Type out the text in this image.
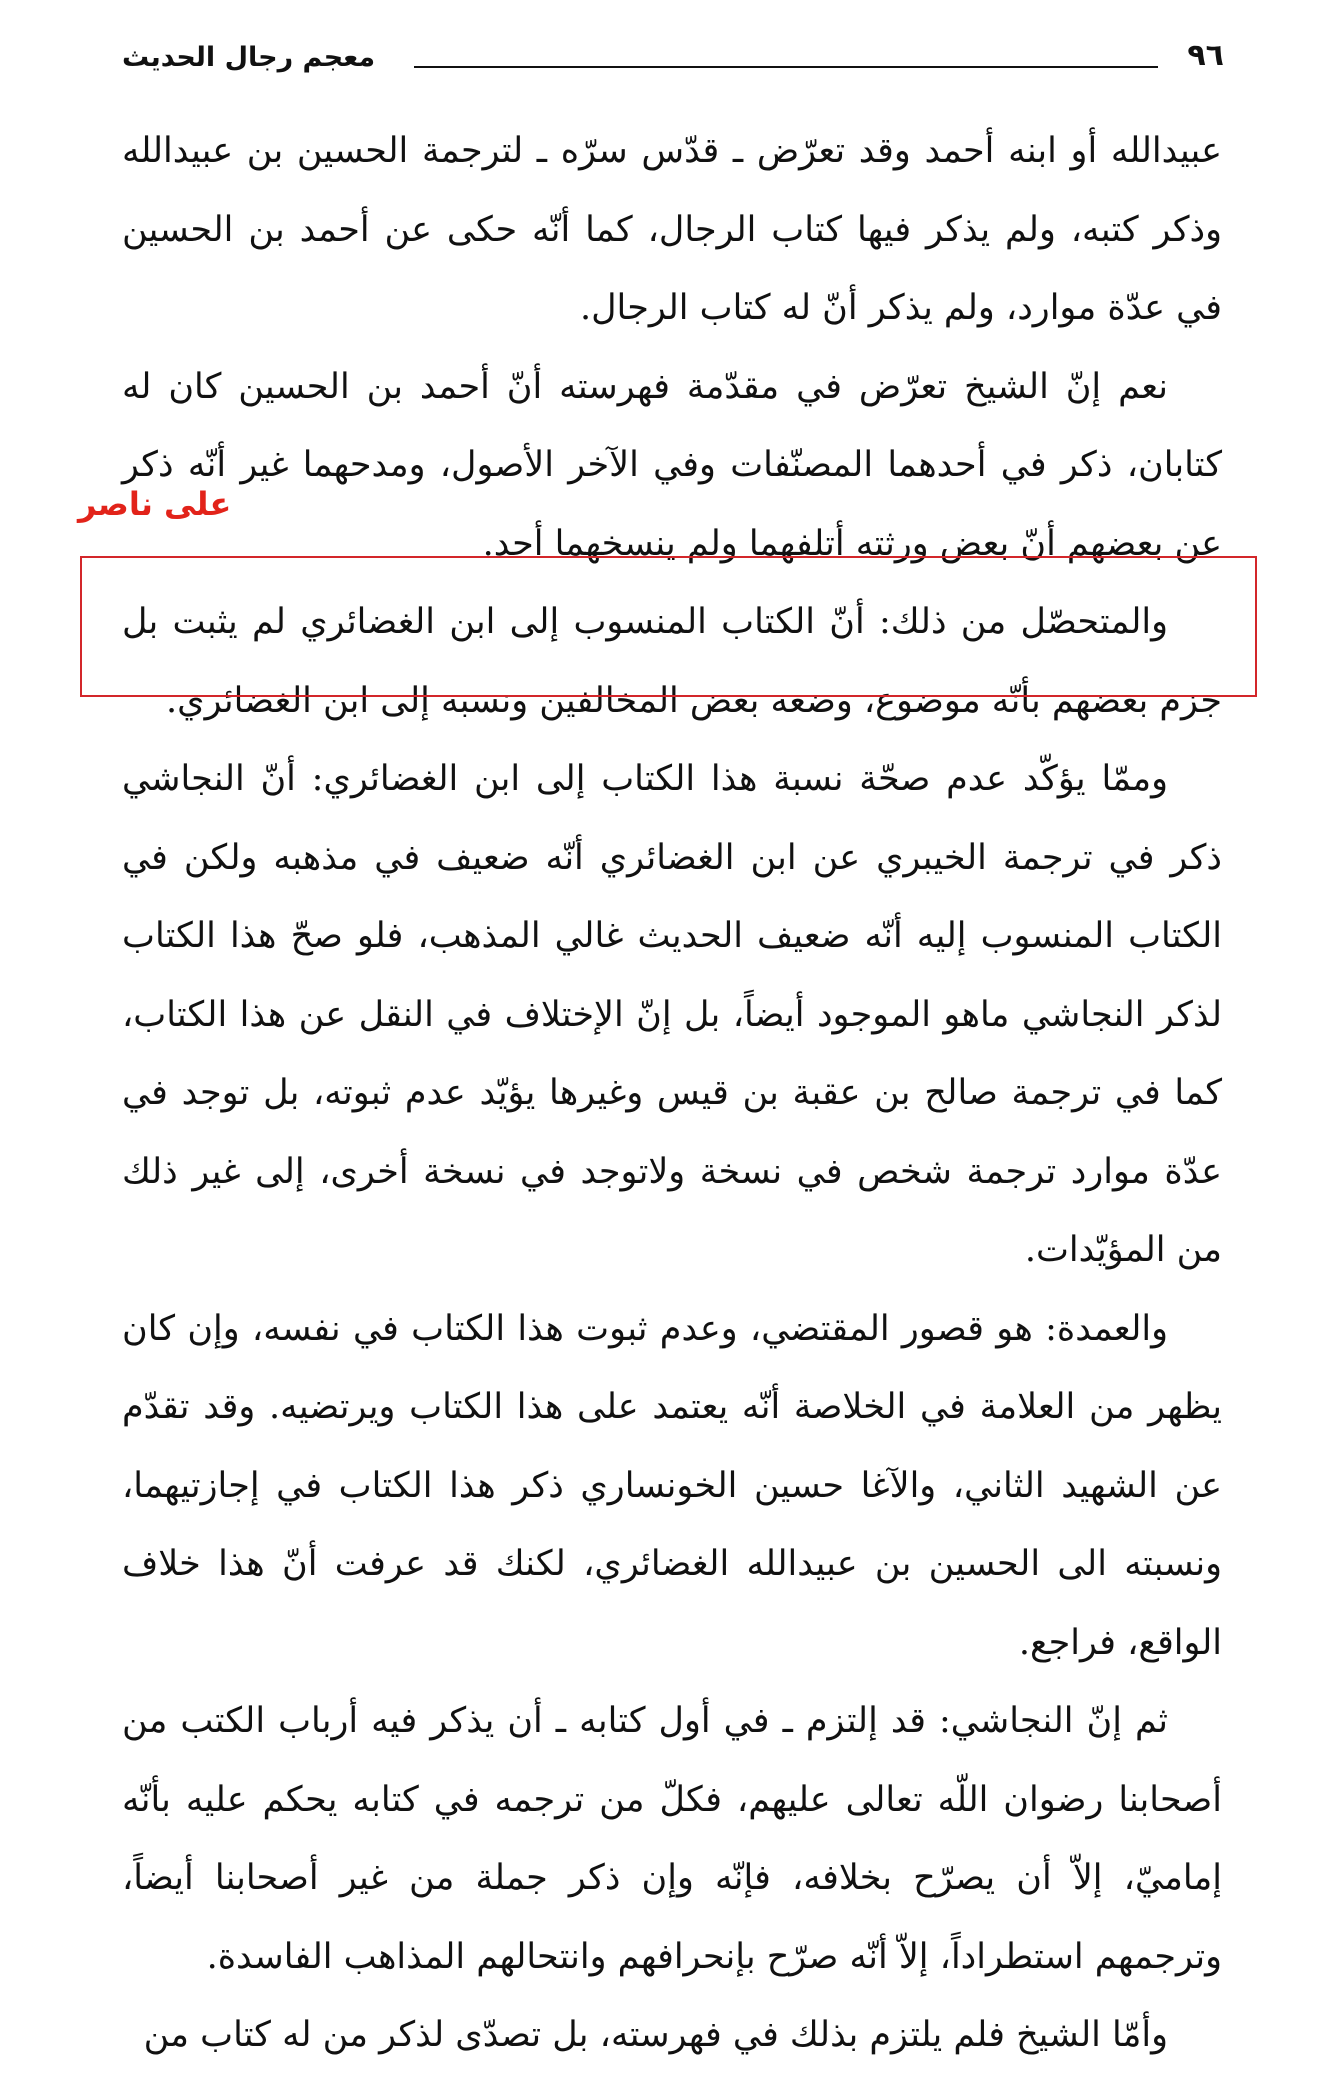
معجم رجال الحديث	٩٦

عبيدالله أو ابنه أحمد وقد تعرّض ـ قدّس سرّه ـ لترجمة الحسين بن عبيدالله وذكر كتبه، ولم يذكر فيها كتاب الرجال، كما أنّه حكى عن أحمد بن الحسين في عدّة موارد، ولم يذكر أنّ له كتاب الرجال.

نعم إنّ الشيخ تعرّض في مقدّمة فهرسته أنّ أحمد بن الحسين كان له كتابان، ذكر في أحدهما المصنّفات وفي الآخر الأصول، ومدحهما غير أنّه ذكر عن بعضهم أنّ بعض ورثته أتلفهما ولم ينسخهما أحد.

والمتحصّل من ذلك: أنّ الكتاب المنسوب إلى ابن الغضائري لم يثبت بل جزم بعضهم بأنّه موضوع، وضعه بعض المخالفين ونسبه إلى ابن الغضائري.

وممّا يؤكّد عدم صحّة نسبة هذا الكتاب إلى ابن الغضائري: أنّ النجاشي ذكر في ترجمة الخيبري عن ابن الغضائري أنّه ضعيف في مذهبه ولكن في الكتاب المنسوب إليه أنّه ضعيف الحديث غالي المذهب، فلو صحّ هذا الكتاب لذكر النجاشي ماهو الموجود أيضاً، بل إنّ الإختلاف في النقل عن هذا الكتاب، كما في ترجمة صالح بن عقبة بن قيس وغيرها يؤيّد عدم ثبوته، بل توجد في عدّة موارد ترجمة شخص في نسخة ولاتوجد في نسخة أخرى، إلى غير ذلك من المؤيّدات.

والعمدة: هو قصور المقتضي، وعدم ثبوت هذا الكتاب في نفسه، وإن كان يظهر من العلامة في الخلاصة أنّه يعتمد على هذا الكتاب ويرتضيه. وقد تقدّم عن الشهيد الثاني، والآغا حسين الخونساري ذكر هذا الكتاب في إجازتيهما، ونسبته الى الحسين بن عبيدالله الغضائري، لكنك قد عرفت أنّ هذا خلاف الواقع، فراجع.

ثم إنّ النجاشي: قد إلتزم ـ في أول كتابه ـ أن يذكر فيه أرباب الكتب من أصحابنا رضوان اللّه تعالى عليهم، فكلّ من ترجمه في كتابه يحكم عليه بأنّه إماميّ، إلاّ أن يصرّح بخلافه، فإنّه وإن ذكر جملة من غير أصحابنا أيضاً، وترجمهم استطراداً، إلاّ أنّه صرّح بإنحرافهم وانتحالهم المذاهب الفاسدة.

وأمّا الشيخ فلم يلتزم بذلك في فهرسته، بل تصدّى لذكر من له كتاب من

على ناصر
